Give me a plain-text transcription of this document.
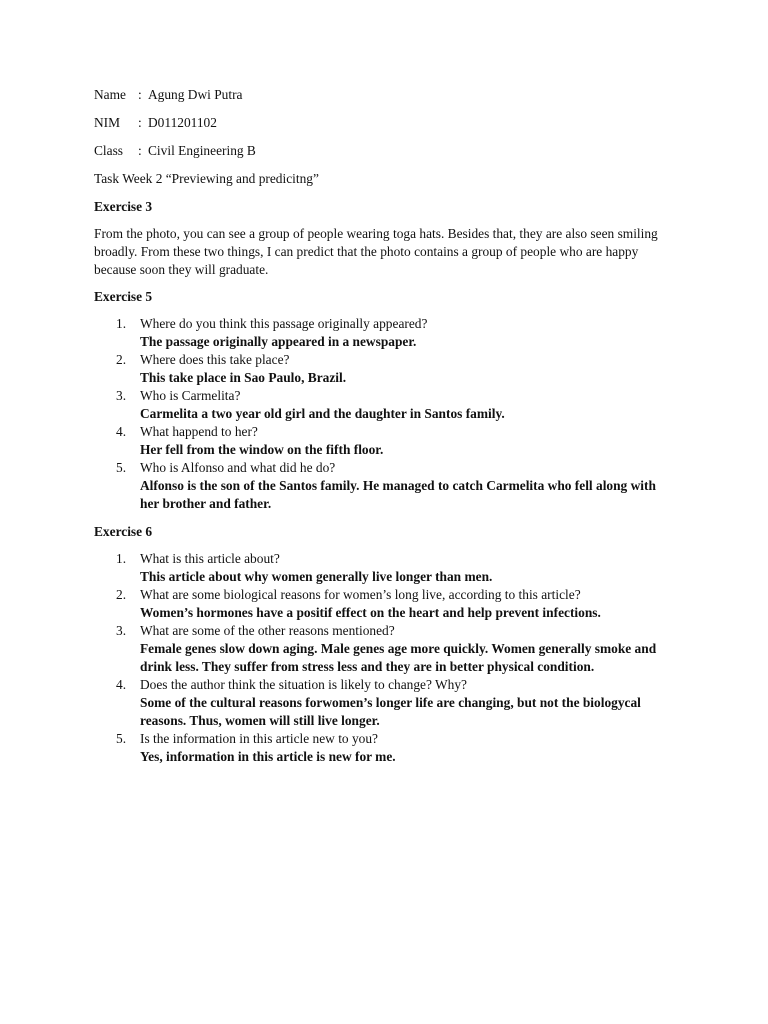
Name : Agung Dwi Putra
NIM	: D011201102
Class	: Civil Engineering B
Task Week 2 “Previewing and predicitng”
Exercise 3
From the photo, you can see a group of people wearing toga hats. Besides that, they are also seen smiling broadly. From these two things, I can predict that the photo contains a group of people who are happy because soon they will graduate.
Exercise 5
1.	Where do you think this passage originally appeared?
The passage originally appeared in a newspaper.
2.	Where does this take place?
This take place in Sao Paulo, Brazil.
3.	Who is Carmelita?
Carmelita a two year old girl and the daughter in Santos family.
4.	What happend to her?
Her fell from the window on the fifth floor.
5.	Who is Alfonso and what did he do?
Alfonso is the son of the Santos family. He managed to catch Carmelita who fell along with her brother and father.
Exercise 6
1.	What is this article about?
This article about why women generally live longer than men.
2.	What are some biological reasons for women’s long live, according to this article?
Women’s hormones have a positif effect on the heart and help prevent infections.
3.	What are some of the other reasons mentioned?
Female genes slow down aging. Male genes age more quickly. Women generally smoke and drink less. They suffer from stress less and they are in better physical condition.
4.	Does the author think the situation is likely to change? Why?
Some of the cultural reasons forwomen’s longer life are changing, but not the biologycal reasons. Thus, women will still live longer.
5.	Is the information in this article new to you?
Yes, information in this article is new for me.
